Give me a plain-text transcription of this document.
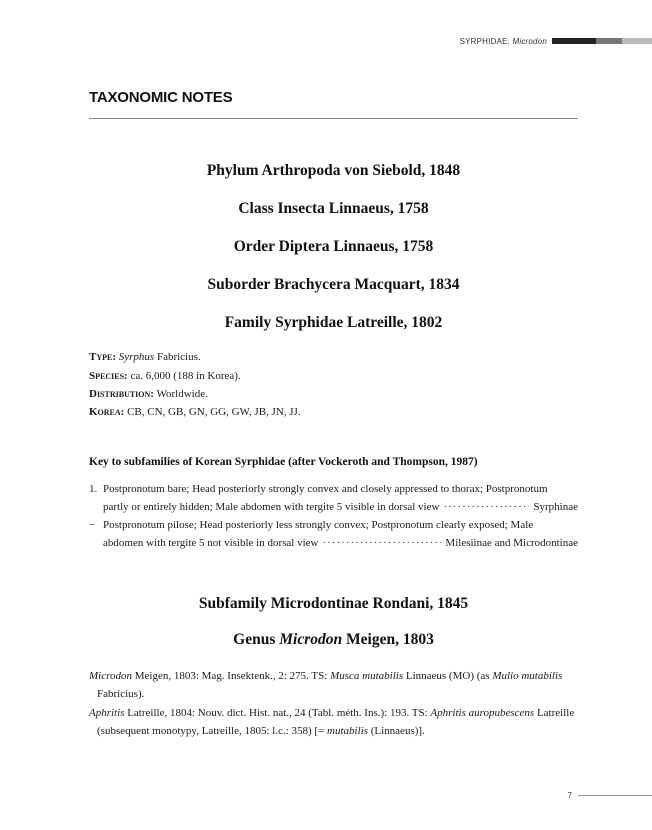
SYRPHIDAE: Microdon
TAXONOMIC NOTES
Phylum Arthropoda von Siebold, 1848
Class Insecta Linnaeus, 1758
Order Diptera Linnaeus, 1758
Suborder Brachycera Macquart, 1834
Family Syrphidae Latreille, 1802
Type: Syrphus Fabricius.
Species: ca. 6,000 (188 in Korea).
Distribution: Worldwide.
Korea: CB, CN, GB, GN, GG, GW, JB, JN, JJ.
Key to subfamilies of Korean Syrphidae (after Vockeroth and Thompson, 1987)
1. Postpronotum bare; Head posteriorly strongly convex and closely appressed to thorax; Postpronotum
partly or entirely hidden; Male abdomen with tergite 5 visible in dorsal view ·····	Syrphinae
− Postpronotum pilose; Head posteriorly less strongly convex; Postpronotum clearly exposed; Male
abdomen with tergite 5 not visible in dorsal view ·····	Milesiinae and Microdontinae
Subfamily Microdontinae Rondani, 1845
Genus Microdon Meigen, 1803
Microdon Meigen, 1803: Mag. Insektenk., 2: 275. TS: Musca mutabilis Linnaeus (MO) (as Mulio mutabilis
Fabricius).
Aphritis Latreille, 1804: Nouv. dict. Hist. nat., 24 (Tabl. méth. Ins.): 193. TS: Aphritis auropubescens Latreille
(subsequent monotypy, Latreille, 1805: l.c.: 358) [= mutabilis (Linnaeus)].
7
